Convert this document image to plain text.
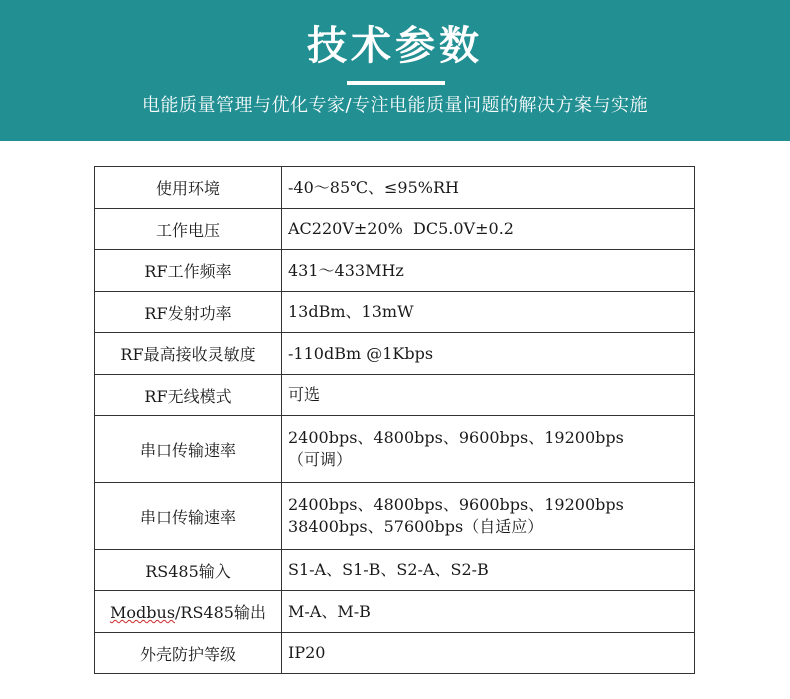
技术参数
电能质量管理与优化专家/专注电能质量问题的解决方案与实施
使用环境	-40～85℃、≤95%RH

工作电压	AC220V±20%  DC5.0V±0.2

RF工作频率	431～433MHz

RF发射功率	13dBm、13mW

RF最高接收灵敏度	-110dBm @1Kbps

RF无线模式	可选

串口传输速率	2400bps、4800bps、9600bps、19200bps
（可调）

串口传输速率	2400bps、4800bps、9600bps、19200bps
38400bps、57600bps（自适应）

RS485输入	S1-A、S1-B、S2-A、S2-B

Modbus/RS485输出	M-A、M-B

外壳防护等级	IP20
